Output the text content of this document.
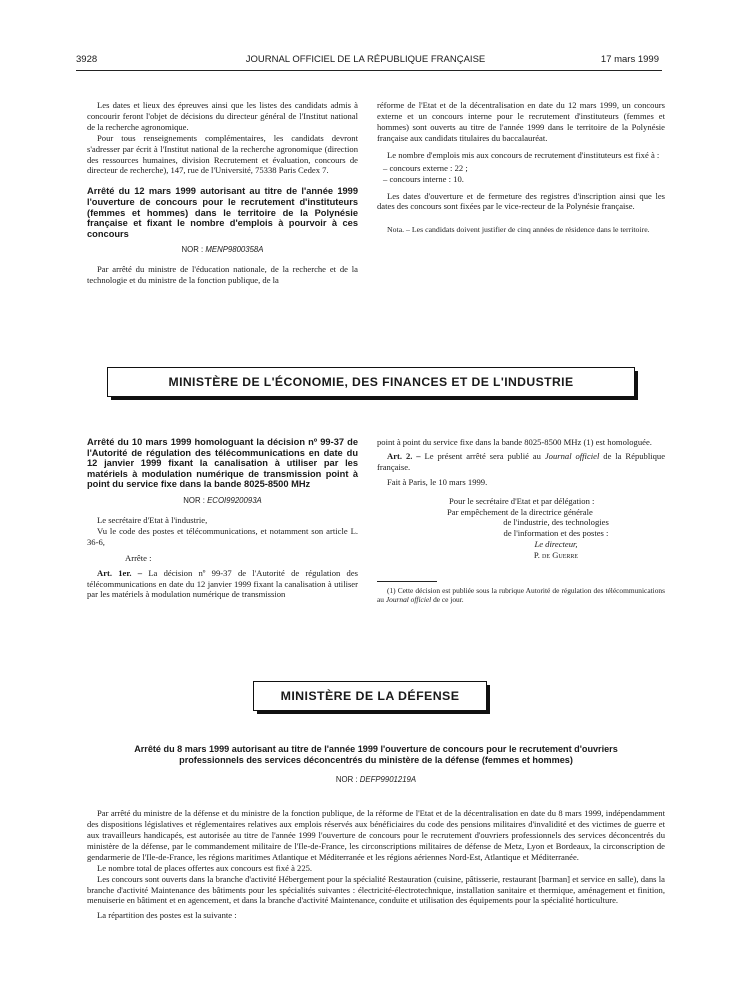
3928	JOURNAL OFFICIEL DE LA RÉPUBLIQUE FRANÇAISE	17 mars 1999

Les dates et lieux des épreuves ainsi que les listes des candidats admis à concourir feront l'objet de décisions du directeur général de l'Institut national de la recherche agronomique.

Pour tous renseignements complémentaires, les candidats devront s'adresser par écrit à l'Institut national de la recherche agronomique (direction des ressources humaines, division Recrutement et évaluation, concours de directeur de recherche), 147, rue de l'Université, 75338 Paris Cedex 7.

Arrêté du 12 mars 1999 autorisant au titre de l'année 1999 l'ouverture de concours pour le recrutement d'instituteurs (femmes et hommes) dans le territoire de la Polynésie française et fixant le nombre d'emplois à pourvoir à ces concours

NOR : MENP9800358A

Par arrêté du ministre de l'éducation nationale, de la recherche et de la technologie et du ministre de la fonction publique, de la

réforme de l'Etat et de la décentralisation en date du 12 mars 1999, un concours externe et un concours interne pour le recrutement d'instituteurs (femmes et hommes) sont ouverts au titre de l'année 1999 dans le territoire de la Polynésie française aux candidats titulaires du baccalauréat.

Le nombre d'emplois mis aux concours de recrutement d'instituteurs est fixé à :

– concours externe : 22 ;
– concours interne : 10.

Les dates d'ouverture et de fermeture des registres d'inscription ainsi que les dates des concours sont fixées par le vice-recteur de la Polynésie française.

Nota. – Les candidats doivent justifier de cinq années de résidence dans le territoire.

MINISTÈRE DE L'ÉCONOMIE, DES FINANCES ET DE L'INDUSTRIE

Arrêté du 10 mars 1999 homologuant la décision nº 99-37 de l'Autorité de régulation des télécommunications en date du 12 janvier 1999 fixant la canalisation à utiliser par les matériels à modulation numérique de transmission point à point du service fixe dans la bande 8025-8500 MHz

NOR : ECOI9920093A

Le secrétaire d'Etat à l'industrie,

Vu le code des postes et télécommunications, et notamment son article L. 36-6,

Arrête :

Art. 1er. – La décision nº 99-37 de l'Autorité de régulation des télécommunications en date du 12 janvier 1999 fixant la canalisation à utiliser par les matériels à modulation numérique de transmission

point à point du service fixe dans la bande 8025-8500 MHz (1) est homologuée.

Art. 2. – Le présent arrêté sera publié au Journal officiel de la République française.

Fait à Paris, le 10 mars 1999.

Pour le secrétaire d'Etat et par délégation :

Par empêchement de la directrice générale

de l'industrie, des technologies

de l'information et des postes :

Le directeur,

P. de Guerre

(1) Cette décision est publiée sous la rubrique Autorité de régulation des télécommunications au Journal officiel de ce jour.

MINISTÈRE DE LA DÉFENSE

Arrêté du 8 mars 1999 autorisant au titre de l'année 1999 l'ouverture de concours pour le recrutement d'ouvriers professionnels des services déconcentrés du ministère de la défense (femmes et hommes)

NOR : DEFP9901219A

Par arrêté du ministre de la défense et du ministre de la fonction publique, de la réforme de l'Etat et de la décentralisation en date du 8 mars 1999, indépendamment des dispositions législatives et réglementaires relatives aux emplois réservés aux bénéficiaires du code des pensions militaires d'invalidité et des victimes de guerre et aux travailleurs handicapés, est autorisée au titre de l'année 1999 l'ouverture de concours pour le recrutement d'ouvriers professionnels des services déconcentrés du ministère de la défense, par le commandement militaire de l'Ile-de-France, les circonscriptions militaires de défense de Metz, Lyon et Bordeaux, la circonscription de gendarmerie de l'Ile-de-France, les régions maritimes Atlantique et Méditerranée et les régions aériennes Nord-Est, Atlantique et Méditerranée.

Le nombre total de places offertes aux concours est fixé à 225.

Les concours sont ouverts dans la branche d'activité Hébergement pour la spécialité Restauration (cuisine, pâtisserie, restaurant [barman] et service en salle), dans la branche d'activité Maintenance des bâtiments pour les spécialités suivantes : électricité-électrotechnique, installation sanitaire et thermique, aménagement et finition, menuiserie en bâtiment et en agencement, et dans la branche d'activité Maintenance, conduite et utilisation des équipements pour la spécialité horticulture.

La répartition des postes est la suivante :
